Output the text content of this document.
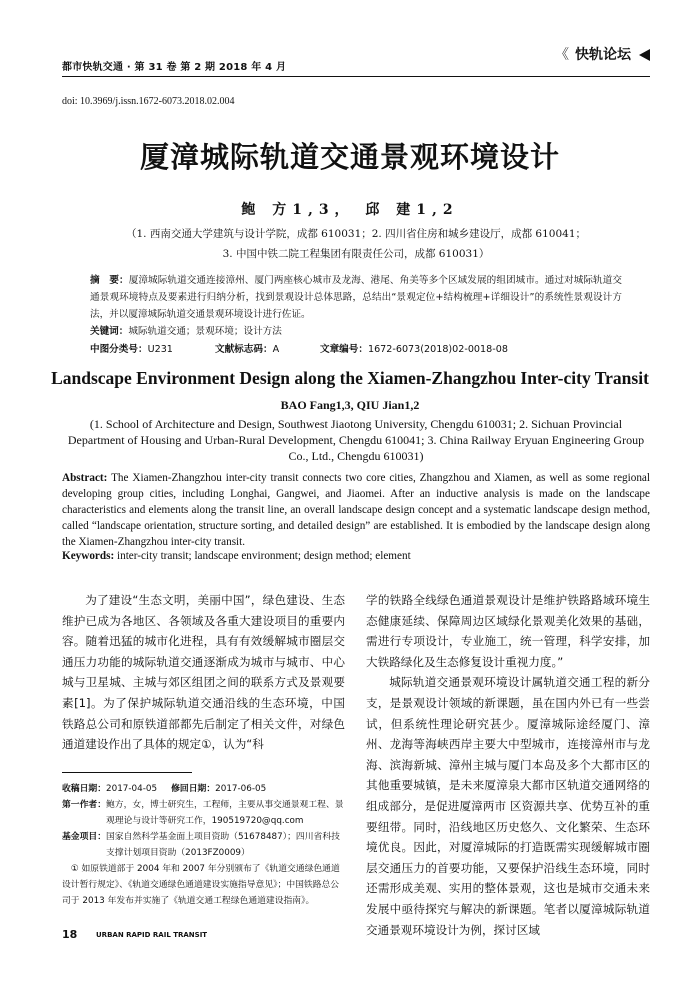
都市快轨交通 · 第 31 卷 第 2 期 2018 年 4 月
《 快轨论坛
doi: 10.3969/j.issn.1672-6073.2018.02.004
厦漳城际轨道交通景观环境设计
鲍 方1,3， 邱 建1,2
（1. 西南交通大学建筑与设计学院，成都 610031；2. 四川省住房和城乡建设厅，成都 610041；
3. 中国中铁二院工程集团有限责任公司，成都 610031）
摘　要：厦漳城际轨道交通连接漳州、厦门两座核心城市及龙海、港尾、角美等多个区域发展的组团城市。通过对城际轨道交通景观环境特点及要素进行归纳分析，找到景观设计总体思路，总结出“景观定位+结构梳理+详细设计”的系统性景观设计方法，并以厦漳城际轨道交通景观环境设计进行佐证。
关键词：城际轨道交通；景观环境；设计方法
中图分类号：U231	文献标志码：A	文章编号：1672-6073(2018)02-0018-08
Landscape Environment Design along the Xiamen-Zhangzhou Inter-city Transit
BAO Fang1,3, QIU Jian1,2
(1. School of Architecture and Design, Southwest Jiaotong University, Chengdu 610031; 2. Sichuan Provincial Department of Housing and Urban-Rural Development, Chengdu 610041; 3. China Railway Eryuan Engineering Group Co., Ltd., Chengdu 610031)
Abstract: The Xiamen-Zhangzhou inter-city transit connects two core cities, Zhangzhou and Xiamen, as well as some regional developing group cities, including Longhai, Gangwei, and Jiaomei. After an inductive analysis is made on the landscape characteristics and elements along the transit line, an overall landscape design concept and a systematic landscape design method, called “landscape orientation, structure sorting, and detailed design” are established. It is embodied by the landscape design along the Xiamen-Zhangzhou inter-city transit.
Keywords: inter-city transit; landscape environment; design method; element

为了建设“生态文明，美丽中国”，绿色建设、生态维护已成为各地区、各领域及各重大建设项目的重要内容。随着迅猛的城市化进程，具有有效缓解城市圈层交通压力功能的城际轨道交通逐渐成为城市与城市、中心城与卫星城、主城与郊区组团之间的联系方式及景观要素[1]。为了保护城际轨道交通沿线的生态环境，中国铁路总公司和原铁道部都先后制定了相关文件，对绿色通道建设作出了具体的规定①，认为“科

学的铁路全线绿色通道景观设计是维护铁路路域环境生态健康延续、保障周边区域绿化景观美化效果的基础，需进行专项设计，专业施工，统一管理，科学安排，加大铁路绿化及生态修复设计重视力度。”

城际轨道交通景观环境设计属轨道交通工程的新分支，是景观设计领域的新课题，虽在国内外已有一些尝试，但系统性理论研究甚少。厦漳城际途经厦门、漳州、龙海等海峡西岸主要大中型城市，连接漳州市与龙海、滨海新城、漳州主城与厦门本岛及多个大都市区的其他重要城镇，是未来厦漳泉大都市区轨道交通网络的组成部分，是促进厦漳两市 区资源共享、优势互补的重要纽带。同时，沿线地区历史悠久、文化繁荣、生态环境优良。因此，对厦漳城际的打造既需实现缓解城市圈层交通压力的首要功能，又要保护沿线生态环境，同时还需形成美观、实用的整体景观，这也是城市交通未来发展中亟待探究与解决的新课题。笔者以厦漳城际轨道交通景观环境设计为例，探讨区域

收稿日期： 2017-04-05 修回日期： 2017-06-05
第一作者： 鲍方，女，博士研究生，工程师，主要从事交通景观工程、景观理论与设计等研究工作，190519720@qq.com
基金项目： 国家自然科学基金面上项目资助（51678487）；四川省科技支撑计划项目资助（2013FZ0009）
① 如原铁道部于 2004 年和 2007 年分别颁布了《轨道交通绿色通道设计暂行规定》、《轨道交通绿色通道建设实施指导意见》；中国铁路总公司于 2013 年发布并实施了《轨道交通工程绿色通道建设指南》。
18	URBAN RAPID RAIL TRANSIT
